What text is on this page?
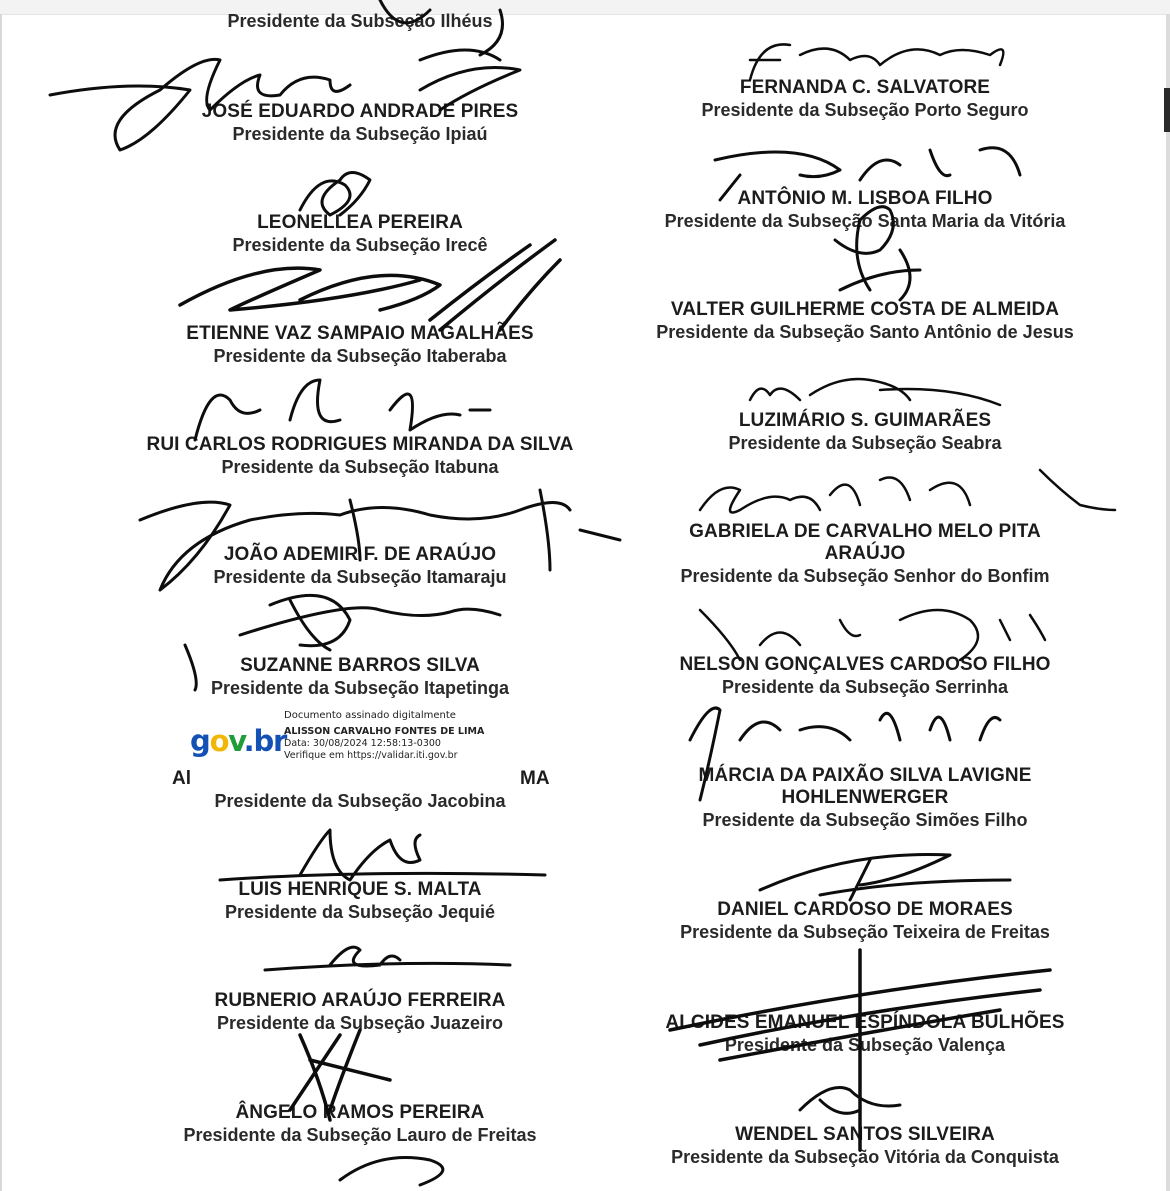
Presidente da Subseção Ilhéus
JOSÉ EDUARDO ANDRADE PIRES
Presidente da Subseção Ipiaú
LEONELLEA PEREIRA
Presidente da Subseção Irecê
ETIENNE VAZ SAMPAIO MAGALHÃES
Presidente da Subseção Itaberaba
RUI CARLOS RODRIGUES MIRANDA DA SILVA
Presidente da Subseção Itabuna
JOÃO ADEMIR F. DE ARAÚJO
Presidente da Subseção Itamaraju
SUZANNE BARROS SILVA
Presidente da Subseção Itapetinga
Al	MA
Presidente da Subseção Jacobina
LUIS HENRIQUE S. MALTA
Presidente da Subseção Jequié
RUBNERIO ARAÚJO FERREIRA
Presidente da Subseção Juazeiro
ÂNGELO RAMOS PEREIRA
Presidente da Subseção Lauro de Freitas
FERNANDA C. SALVATORE
Presidente da Subseção Porto Seguro
ANTÔNIO M. LISBOA FILHO
Presidente da Subseção Santa Maria da Vitória
VALTER GUILHERME COSTA DE ALMEIDA
Presidente da Subseção Santo Antônio de Jesus
LUZIMÁRIO S. GUIMARÃES
Presidente da Subseção Seabra
GABRIELA DE CARVALHO MELO PITA
ARAÚJO
Presidente da Subseção Senhor do Bonfim
NELSON GONÇALVES CARDOSO FILHO
Presidente da Subseção Serrinha
MÁRCIA DA PAIXÃO SILVA LAVIGNE
HOHLENWERGER
Presidente da Subseção Simões Filho
DANIEL CARDOSO DE MORAES
Presidente da Subseção Teixeira de Freitas
ALCIDES EMANUEL ESPÍNDOLA BULHÕES
Presidente da Subseção Valença
WENDEL SANTOS SILVEIRA
Presidente da Subseção Vitória da Conquista
Documento assinado digitalmente
gov.br
ALISSON CARVALHO FONTES DE LIMA
Data: 30/08/2024 12:58:13-0300
Verifique em https://validar.iti.gov.br
